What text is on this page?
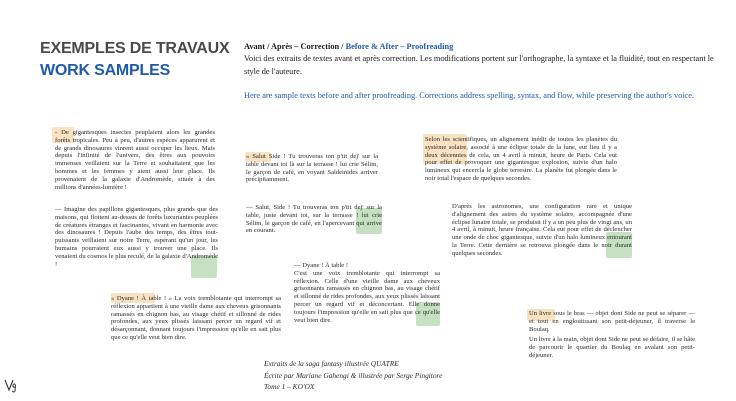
EXEMPLES DE TRAVAUX
WORK SAMPLES
Avant / Après – Correction / Before & After – Proofreading
Voici des extraits de textes avant et après correction. Les modifications portent sur l'orthographe, la syntaxe et la fluidité, tout en respectant le style de l'auteure.
Here are sample texts before and after proofreading. Corrections address spelling, syntax, and flow, while preserving the author's voice.
- De gigantesques insectes peuplaient alors les grandes forêts tropicales. Peu à peu, d'autres espèces apparurent et de grands dinosaures vinrent aussi occuper les lieux. Mais depuis l'infinité de l'univers, des êtres aux pouvoirs immenses veillaient sur la Terre et souhaitaient que les hommes et les femmes y aient aussi leur place. Ils provenaient de la galaxie d'Andromède, située à des millions d'années-lumière !
— Imagine des papillons gigantesques, plus grands que des maisons, qui flottent au-dessus de forêts luxuriantes peuplées de créatures étranges et fascinantes, vivant en harmonie avec des dinosaures ! Depuis l'aube des temps, des êtres tout-puissants veillaient sur notre Terre, espérant qu'un jour, les humains pourraient eux aussi y trouver une place. Ils venaient du cosmos le plus reculé, de la galaxie d'Andromède !
« Salut Side ! Tu trouveras ton p'tit dej' sur la table devant toi là sur la terrasse ! lui crie Sélim, le garçon de café, en voyant Saldeinides arriver précipitamment.
— Salut, Side ! Tu trouveras ton p'tit dej' sur la table, juste devant toi, sur la terrasse ! lui crie Sélim, le garçon de café, en l'apercevant qui arrive en courant.
« Dyane ! À table ! » La voix tremblotante qui interrompt sa réflexion appartient à une vieille dame aux cheveux grisonnants ramassés en chignon bas, au visage chétif et sillonné de rides profondes, aux yeux plissés laissant percer un regard vif et désarçonnant, donnant toujours l'impression qu'elle en sait plus que ce qu'elle veut bien dire.
— Dyane ! À table !
C'est une voix tremblotante qui interrompt sa réflexion. Celle d'une vieille dame aux cheveux grisonnants ramassés en chignon bas, au visage chétif et sillonné de rides profondes, aux yeux plissés laissant percer un regard vif et déconcertant. Elle donne toujours l'impression qu'elle en sait plus que ce qu'elle veut bien dire.
Selon les scientifiques, un alignement inédit de toutes les planètes du système solaire, associé à une éclipse totale de la lune, eut lieu il y a deux décennies de cela, un 4 avril à minuit, heure de Paris. Cela eut pour effet de provoquer une gigantesque explosion, suivie d'un halo lumineux qui encercla le globe terrestre. La planète fut plongée dans le noir total l'espace de quelques secondes.
D'après les astronomes, une configuration rare et unique d'alignement des astres du système solaire, accompagnée d'une éclipse lunaire totale, se produisit il y a un peu plus de vingt ans, un 4 avril, à minuit, heure française. Cela eut pour effet de déclencher une onde de choc gigantesque, suivie d'un halo lumineux entourant la Terre. Cette dernière se retrouva plongée dans le noir durant quelques secondes.
Un livre sous le bras — objet dont Side ne peut se séparer — et tout en engloutissant son petit-déjeuner, il traverse le Boulaq.
Un livre à la main, objet dont Side ne peut se défaire, il se hâte de parcourir le quartier du Boulaq en avalant son petit-déjeuner.
Extraits de la saga fantasy illustrée QUATRE
Écrite par Mariane Gahengi & illustrée par Serge Pingitore
Tome 1 – KO'OX
